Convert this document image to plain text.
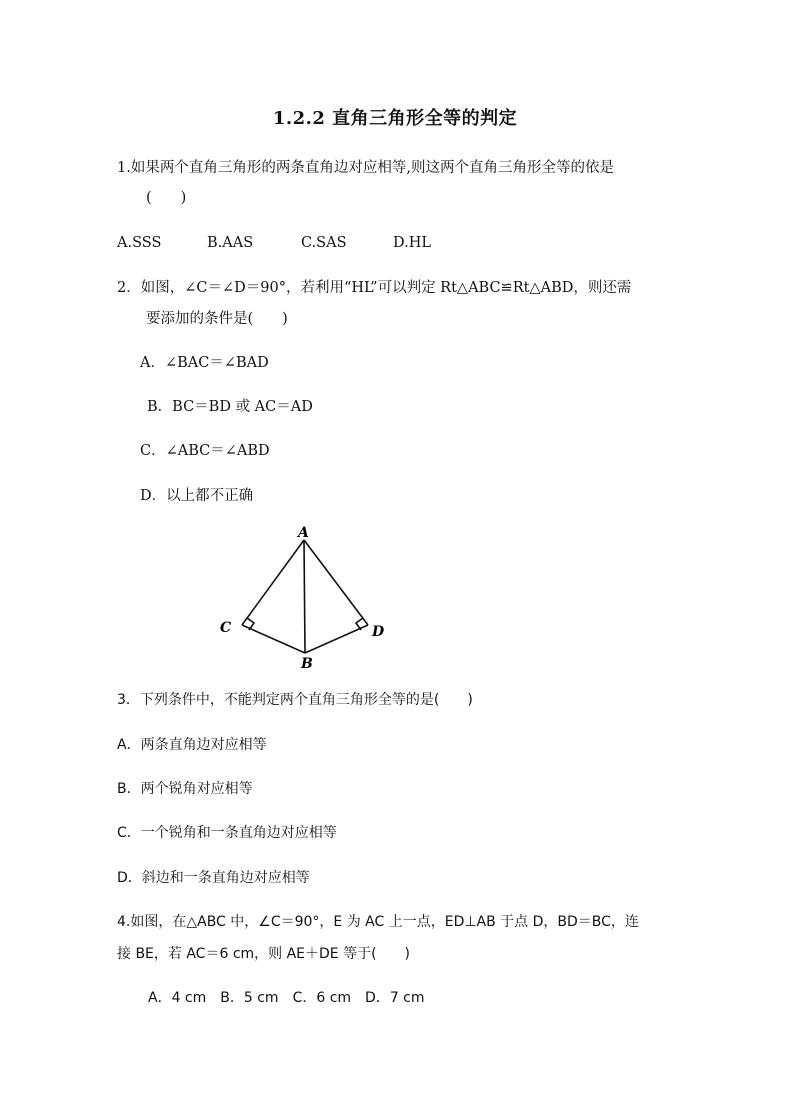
1.2.2 直角三角形全等的判定
1.如果两个直角三角形的两条直角边对应相等,则这两个直角三角形全等的依是
(　　)
A.SSS	B.AAS	C.SAS	D.HL
2．如图，∠C＝∠D＝90°，若利用“HL”可以判定 Rt△ABC≌Rt△ABD，则还需
要添加的条件是(　　)
A．∠BAC＝∠BAD
B．BC＝BD 或 AC＝AD
C．∠ABC＝∠ABD
D．以上都不正确
A
C	D
B
3．下列条件中，不能判定两个直角三角形全等的是(　　)
A．两条直角边对应相等
B．两个锐角对应相等
C．一个锐角和一条直角边对应相等
D．斜边和一条直角边对应相等
4.如图，在△ABC 中，∠C＝90°，E 为 AC 上一点，ED⊥AB 于点 D，BD＝BC，连
接 BE，若 AC＝6 cm，则 AE＋DE 等于(　　)
A．4 cm　B．5 cm　C．6 cm　D．7 cm
